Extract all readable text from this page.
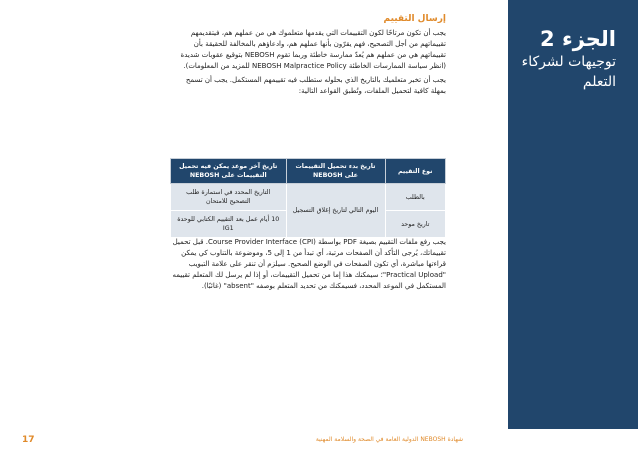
إرسال التقييم

يجب أن تكون مرتاحًا لكون التقييمات التي يقدمها متعلموك هي من عملهم هم، فيتقديمهم تقييماتهم من أجل التصحيح، فهم يقرّون بأنها عملهم هم، وادعاؤهم بالمخالفة للحقيقة بأن تقييماتهم هي من عملهم هم يُعدّ ممارسة خاطئة وربما تقوم NEBOSH بتوقيع عقوبات شديدة (انظر سياسة الممارسات الخاطئة NEBOSH Malpractice Policy للمزيد من المعلومات).

يجب أن تخبر متعلميك بالتاريخ الذي بحلوله ستطلب فيه تقييمهم المستكمل. يجب أن تسمح بمهلة كافية لتحميل الملفات، وتُطبق القواعد التالية:

نوع التقييم	تاريخ بدء تحميل التقييمات على NEBOSH	تاريخ آخر موعد يمكن فيه تحميل التقييمات على NEBOSH
بالطلب	اليوم التالي لتاريخ إغلاق التسجيل	التاريخ المحدد في استمارة طلب التصحيح للامتحان
تاريخ موحد		10 أيام عمل بعد التقييم الكتابي للوحدة IG1

يجب رفع ملفات التقييم بصيغة PDF بواسطة Course Provider Interface (CPI). قبل تحميل تقييماتك، يُرجى التأكد أن الصفحات مرتبة، أي تبدأ من 1 إلى 5، وموضوعة بالتناوب كي يمكن قراءتها مباشرة، أي تكون الصفحات في الوضع الصحيح. سيلزم أن تنقر على علامة التبويب "Practical Upload"؛ سيمكنك هذا إما من تحميل التقييمات، أو إذا لم يرسل لك المتعلم تقييمه المستكمل في الموعد المحدد، فسيمكنك من تحديد المتعلم بوصفه "absent" (غائبًا).

الجزء 2
توجيهات لشركاء التعلم
17	شهادة NEBOSH الدولية العامة في الصحة والسلامة المهنية
